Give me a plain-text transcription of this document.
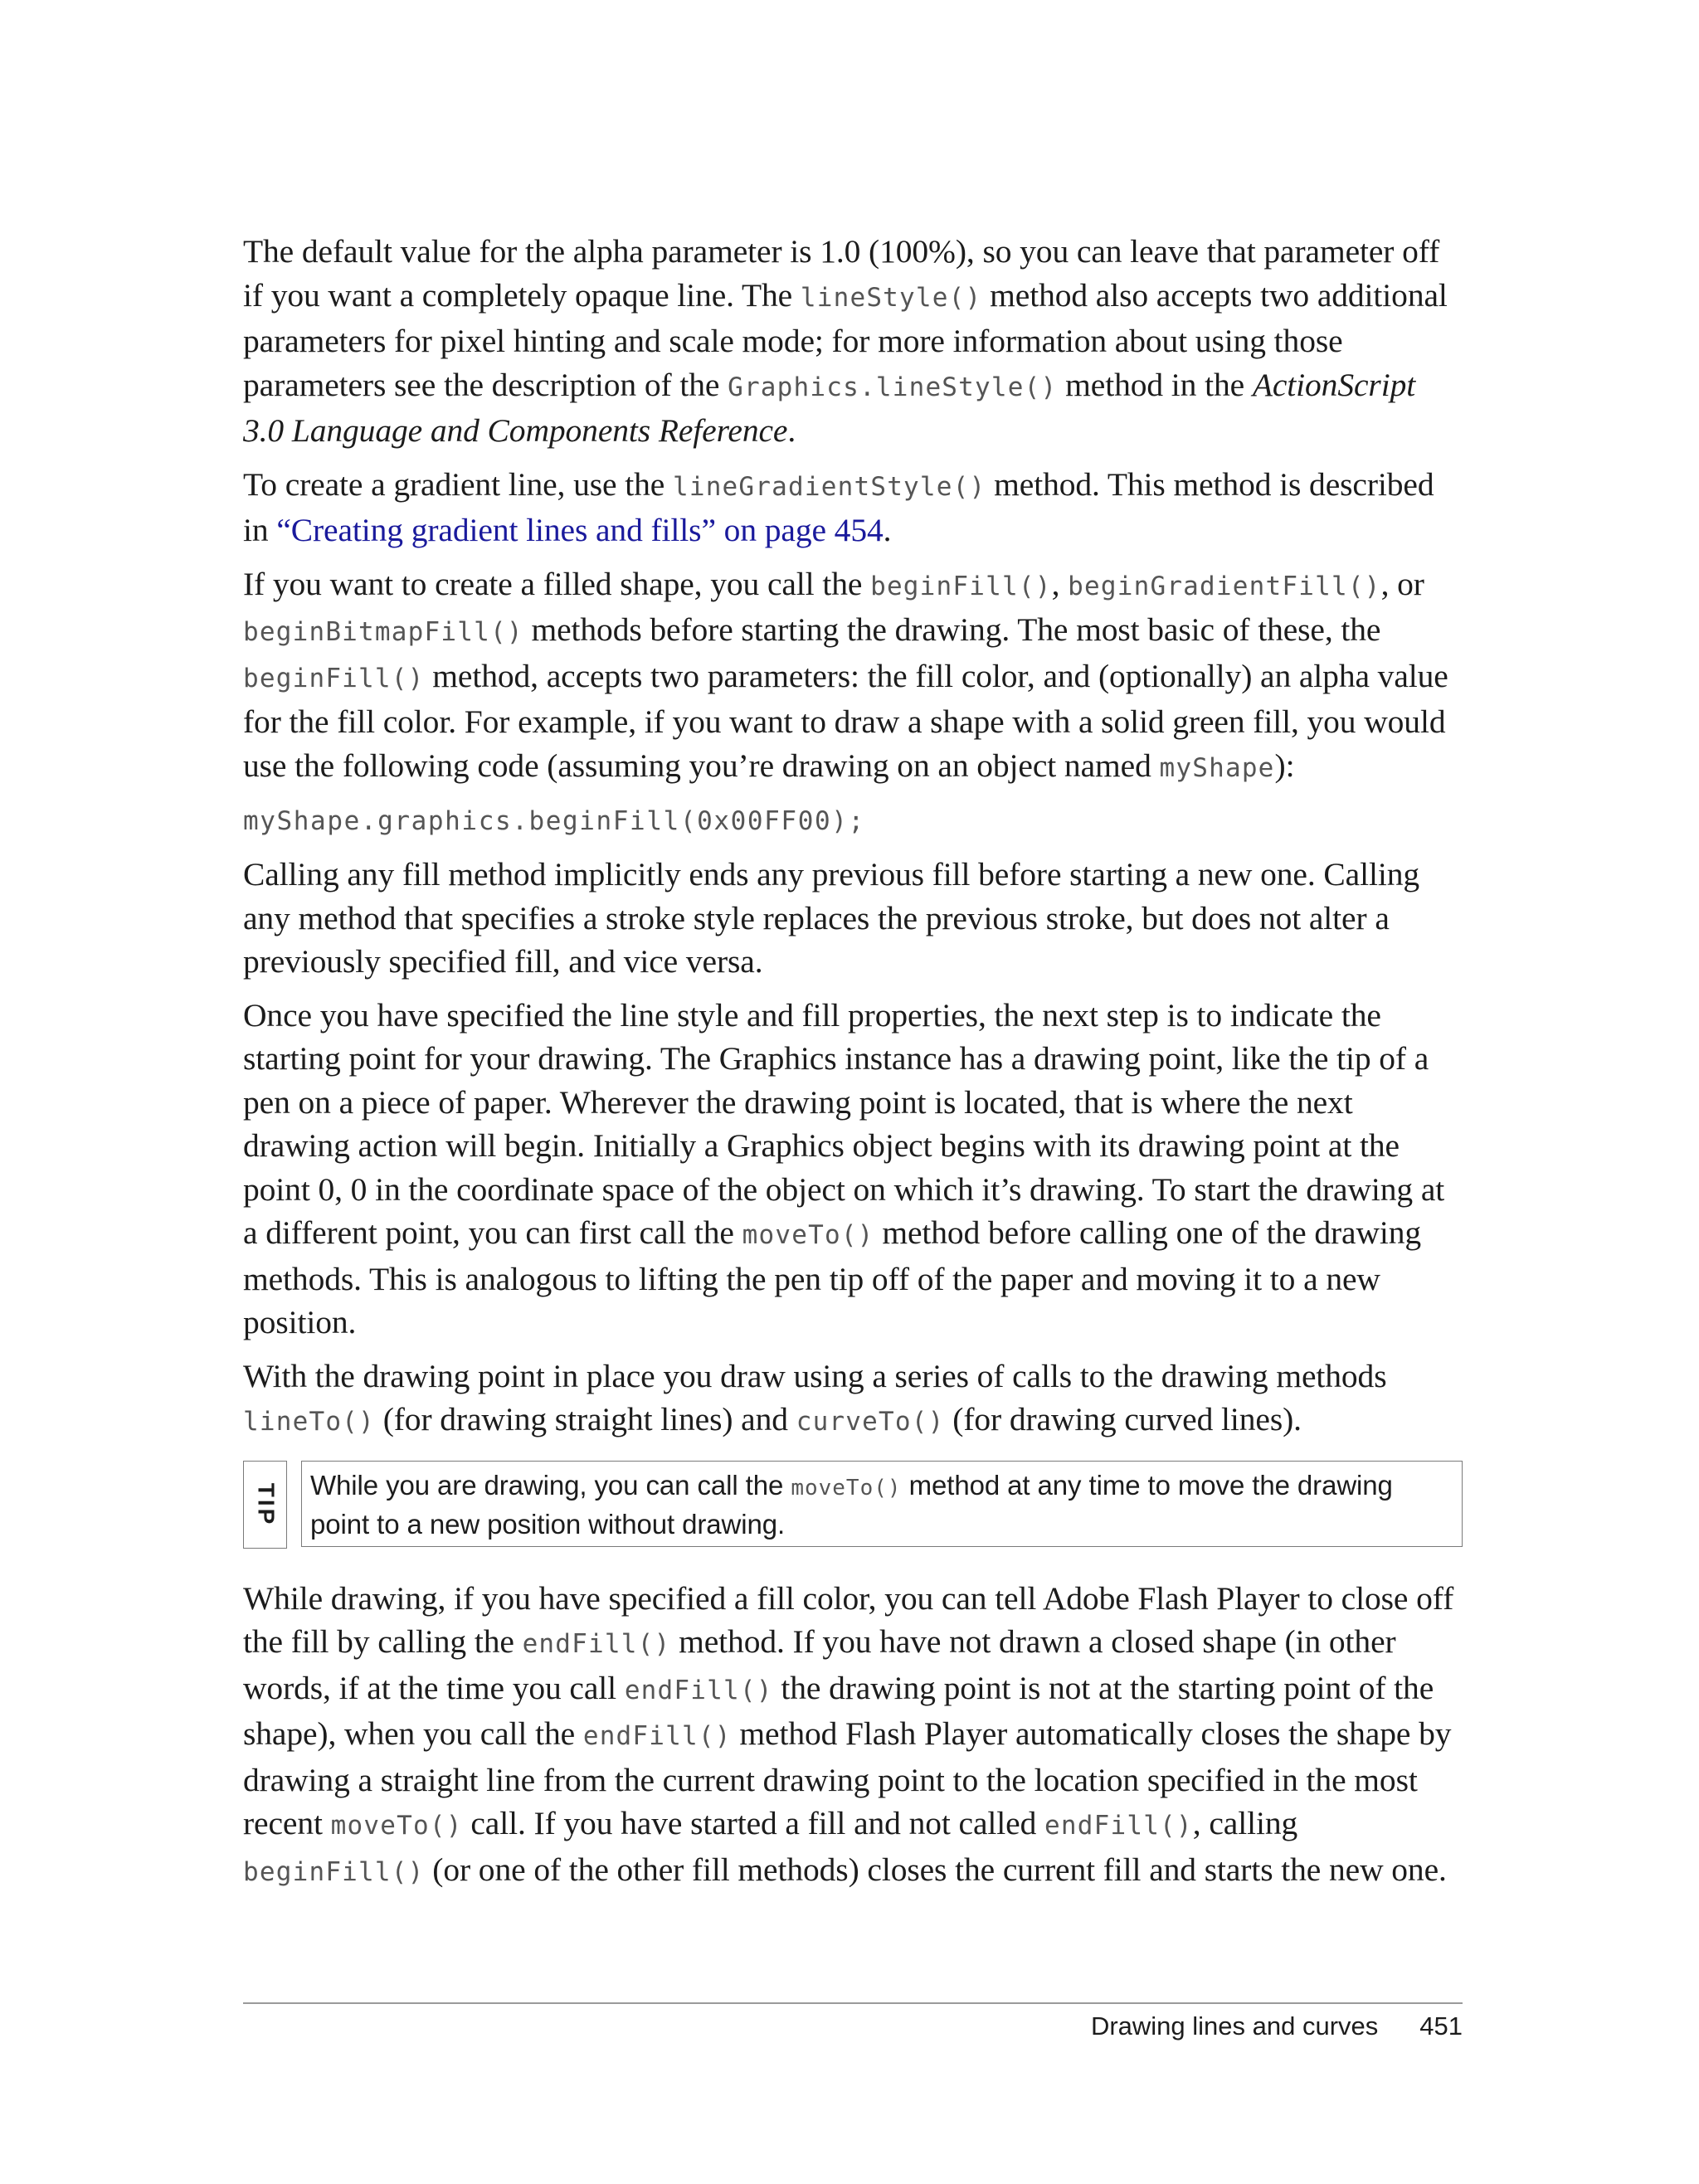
The default value for the alpha parameter is 1.0 (100%), so you can leave that parameter off if you want a completely opaque line. The lineStyle() method also accepts two additional parameters for pixel hinting and scale mode; for more information about using those parameters see the description of the Graphics.lineStyle() method in the ActionScript 3.0 Language and Components Reference.

To create a gradient line, use the lineGradientStyle() method. This method is described in “Creating gradient lines and fills” on page 454.

If you want to create a filled shape, you call the beginFill(), beginGradientFill(), or beginBitmapFill() methods before starting the drawing. The most basic of these, the beginFill() method, accepts two parameters: the fill color, and (optionally) an alpha value for the fill color. For example, if you want to draw a shape with a solid green fill, you would use the following code (assuming you’re drawing on an object named myShape):

myShape.graphics.beginFill(0x00FF00);

Calling any fill method implicitly ends any previous fill before starting a new one. Calling any method that specifies a stroke style replaces the previous stroke, but does not alter a previously specified fill, and vice versa.

Once you have specified the line style and fill properties, the next step is to indicate the starting point for your drawing. The Graphics instance has a drawing point, like the tip of a pen on a piece of paper. Wherever the drawing point is located, that is where the next drawing action will begin. Initially a Graphics object begins with its drawing point at the point 0, 0 in the coordinate space of the object on which it’s drawing. To start the drawing at a different point, you can first call the moveTo() method before calling one of the drawing methods. This is analogous to lifting the pen tip off of the paper and moving it to a new position.

With the drawing point in place you draw using a series of calls to the drawing methods lineTo() (for drawing straight lines) and curveTo() (for drawing curved lines).

TIP	While you are drawing, you can call the moveTo() method at any time to move the drawing point to a new position without drawing.

While drawing, if you have specified a fill color, you can tell Adobe Flash Player to close off the fill by calling the endFill() method. If you have not drawn a closed shape (in other words, if at the time you call endFill() the drawing point is not at the starting point of the shape), when you call the endFill() method Flash Player automatically closes the shape by drawing a straight line from the current drawing point to the location specified in the most recent moveTo() call. If you have started a fill and not called endFill(), calling beginFill() (or one of the other fill methods) closes the current fill and starts the new one.

Drawing lines and curves 451
